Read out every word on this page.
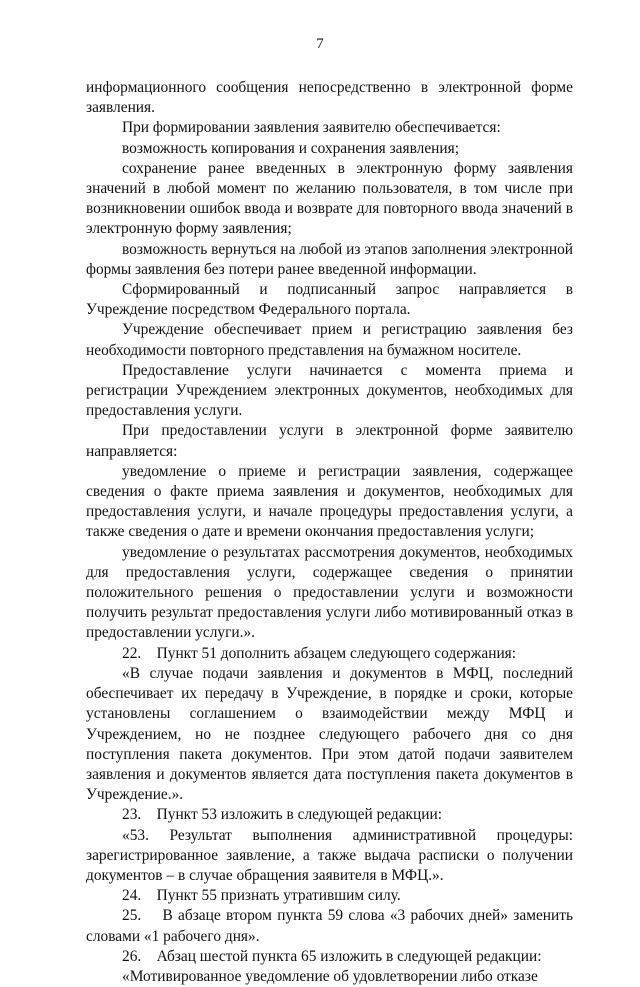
7

информационного сообщения непосредственно в электронной форме заявления.

При формировании заявления заявителю обеспечивается:

возможность копирования и сохранения заявления;

сохранение ранее введенных в электронную форму заявления значений в любой момент по желанию пользователя, в том числе при возникновении ошибок ввода и возврате для повторного ввода значений в электронную форму заявления;

возможность вернуться на любой из этапов заполнения электронной формы заявления без потери ранее введенной информации.

Сформированный и подписанный запрос направляется в Учреждение посредством Федерального портала.

Учреждение обеспечивает прием и регистрацию заявления без необходимости повторного представления на бумажном носителе.

Предоставление услуги начинается с момента приема и регистрации Учреждением электронных документов, необходимых для предоставления услуги.

При предоставлении услуги в электронной форме заявителю направляется:

уведомление о приеме и регистрации заявления, содержащее сведения о факте приема заявления и документов, необходимых для предоставления услуги, и начале процедуры предоставления услуги, а также сведения о дате и времени окончания предоставления услуги;

уведомление о результатах рассмотрения документов, необходимых для предоставления услуги, содержащее сведения о принятии положительного решения о предоставлении услуги и возможности получить результат предоставления услуги либо мотивированный отказ в предоставлении услуги.».

22.    Пункт 51 дополнить абзацем следующего содержания:

«В случае подачи заявления и документов в МФЦ, последний обеспечивает их передачу в Учреждение, в порядке и сроки, которые установлены соглашением о взаимодействии между МФЦ и Учреждением, но не позднее следующего рабочего дня со дня поступления пакета документов. При этом датой подачи заявителем заявления и документов является дата поступления пакета документов в Учреждение.».

23.    Пункт 53 изложить в следующей редакции:

«53. Результат выполнения административной процедуры: зарегистрированное заявление, а также выдача расписки о получении документов – в случае обращения заявителя в МФЦ.».

24.    Пункт 55 признать утратившим силу.

25.    В абзаце втором пункта 59 слова «3 рабочих дней» заменить словами «1 рабочего дня».

26.    Абзац шестой пункта 65 изложить в следующей редакции:

«Мотивированное уведомление об удовлетворении либо отказе
